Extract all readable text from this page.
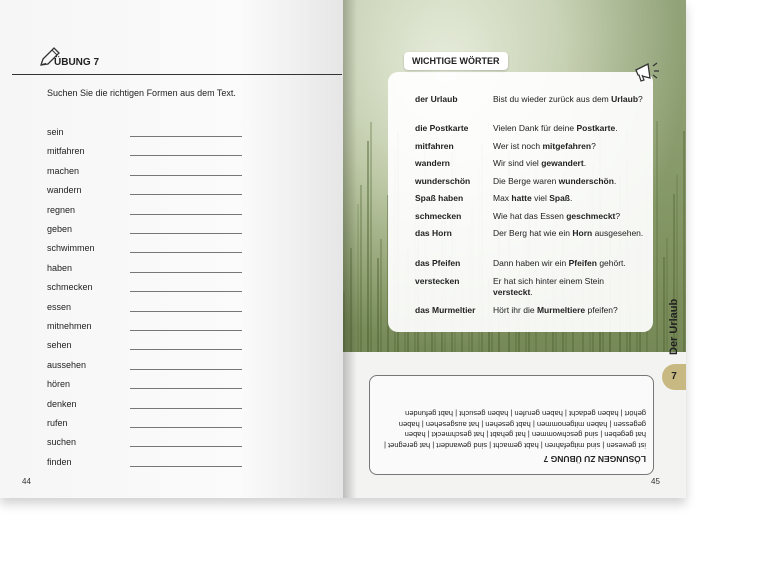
ÜBUNG 7
Suchen Sie die richtigen Formen aus dem Text.
sein
mitfahren
machen
wandern
regnen
geben
schwimmen
haben
schmecken
essen
mitnehmen
sehen
aussehen
hören
denken
rufen
suchen
finden
44
WICHTIGE WÖRTER
der Urlaub	Bist du wieder zurück aus dem Urlaub?
die Postkarte	Vielen Dank für deine Postkarte.
mitfahren	Wer ist noch mitgefahren?
wandern	Wir sind viel gewandert.
wunderschön	Die Berge waren wunderschön.
Spaß haben	Max hatte viel Spaß.
schmecken	Wie hat das Essen geschmeckt?
das Horn	Der Berg hat wie ein Horn ausgesehen.
das Pfeifen	Dann haben wir ein Pfeifen gehört.
verstecken	Er hat sich hinter einem Stein versteckt.
das Murmeltier	Hört ihr die Murmeltiere pfeifen?	Der Urlaub
7
LÖSUNGEN ZU ÜBUNG 7
ist gewesen | sind mitgefahren | habt gemacht | sind gewandert | hat geregnet | hat gegeben | sind geschwommen | hat gehabt | hat geschmeckt | haben gegessen | haben mitgenommen | habt gesehen | hat ausgesehen | haben gehört | haben gedacht | haben gerufen | haben gesucht | habt gefunden
45
